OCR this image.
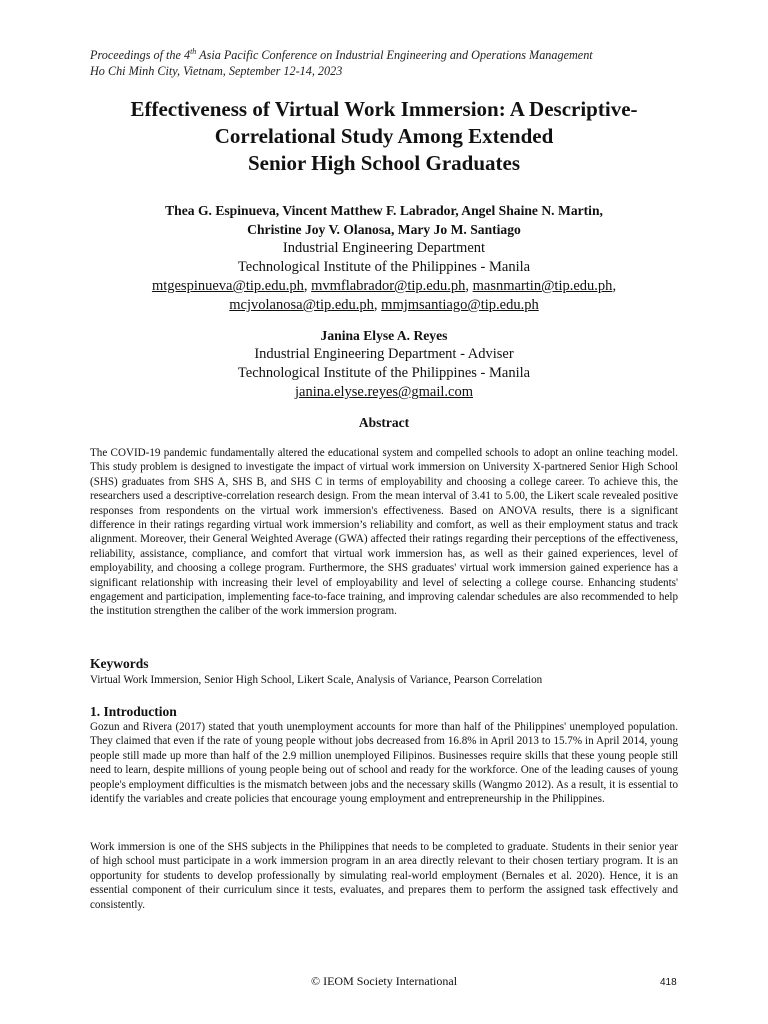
Proceedings of the 4th Asia Pacific Conference on Industrial Engineering and Operations Management
Ho Chi Minh City, Vietnam, September 12-14, 2023
Effectiveness of Virtual Work Immersion: A Descriptive-
Correlational Study Among Extended
Senior High School Graduates
Thea G. Espinueva, Vincent Matthew F. Labrador, Angel Shaine N. Martin,
Christine Joy V. Olanosa, Mary Jo M. Santiago
Industrial Engineering Department
Technological Institute of the Philippines - Manila
mtgespinueva@tip.edu.ph, mvmflabrador@tip.edu.ph, masnmartin@tip.edu.ph,
mcjvolanosa@tip.edu.ph, mmjmsantiago@tip.edu.ph
Janina Elyse A. Reyes
Industrial Engineering Department - Adviser
Technological Institute of the Philippines - Manila
janina.elyse.reyes@gmail.com
Abstract
The COVID-19 pandemic fundamentally altered the educational system and compelled schools to adopt an online teaching model. This study problem is designed to investigate the impact of virtual work immersion on University X-partnered Senior High School (SHS) graduates from SHS A, SHS B, and SHS C in terms of employability and choosing a college career. To achieve this, the researchers used a descriptive-correlation research design. From the mean interval of 3.41 to 5.00, the Likert scale revealed positive responses from respondents on the virtual work immersion's effectiveness. Based on ANOVA results, there is a significant difference in their ratings regarding virtual work immersion’s reliability and comfort, as well as their employment status and track alignment. Moreover, their General Weighted Average (GWA) affected their ratings regarding their perceptions of the effectiveness, reliability, assistance, compliance, and comfort that virtual work immersion has, as well as their gained experiences, level of employability, and choosing a college program. Furthermore, the SHS graduates' virtual work immersion gained experience has a significant relationship with increasing their level of employability and level of selecting a college course. Enhancing students' engagement and participation, implementing face-to-face training, and improving calendar schedules are also recommended to help the institution strengthen the caliber of the work immersion program.
Keywords
Virtual Work Immersion, Senior High School, Likert Scale, Analysis of Variance, Pearson Correlation
1. Introduction
Gozun and Rivera (2017) stated that youth unemployment accounts for more than half of the Philippines' unemployed population. They claimed that even if the rate of young people without jobs decreased from 16.8% in April 2013 to 15.7% in April 2014, young people still made up more than half of the 2.9 million unemployed Filipinos. Businesses require skills that these young people still need to learn, despite millions of young people being out of school and ready for the workforce. One of the leading causes of young people's employment difficulties is the mismatch between jobs and the necessary skills (Wangmo 2012). As a result, it is essential to identify the variables and create policies that encourage young employment and entrepreneurship in the Philippines.
Work immersion is one of the SHS subjects in the Philippines that needs to be completed to graduate. Students in their senior year of high school must participate in a work immersion program in an area directly relevant to their chosen tertiary program. It is an opportunity for students to develop professionally by simulating real-world employment (Bernales et al. 2020). Hence, it is an essential component of their curriculum since it tests, evaluates, and prepares them to perform the assigned task effectively and consistently.
© IEOM Society International	418
